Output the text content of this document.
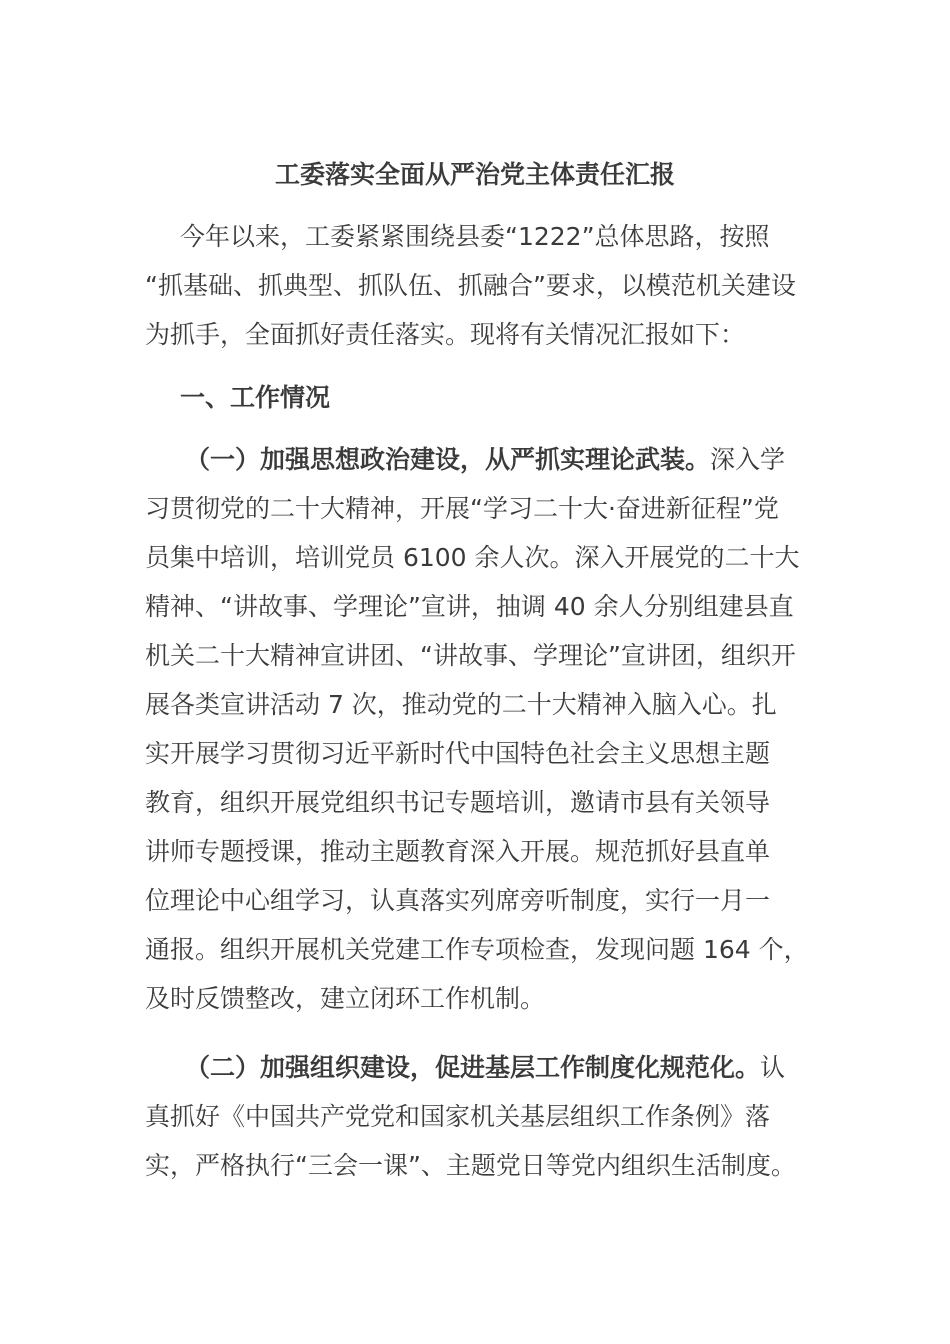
工委落实全面从严治党主体责任汇报
今年以来，工委紧紧围绕县委“1222”总体思路，按照
“抓基础、抓典型、抓队伍、抓融合”要求，以模范机关建设
为抓手，全面抓好责任落实。现将有关情况汇报如下：
一、工作情况
（一）加强思想政治建设，从严抓实理论武装。深入学
习贯彻党的二十大精神，开展“学习二十大·奋进新征程”党
员集中培训，培训党员 6100 余人次。深入开展党的二十大
精神、“讲故事、学理论”宣讲，抽调 40 余人分别组建县直
机关二十大精神宣讲团、“讲故事、学理论”宣讲团，组织开
展各类宣讲活动 7 次，推动党的二十大精神入脑入心。扎
实开展学习贯彻习近平新时代中国特色社会主义思想主题
教育，组织开展党组织书记专题培训，邀请市县有关领导
讲师专题授课，推动主题教育深入开展。规范抓好县直单
位理论中心组学习，认真落实列席旁听制度，实行一月一
通报。组织开展机关党建工作专项检查，发现问题 164 个，
及时反馈整改，建立闭环工作机制。
（二）加强组织建设，促进基层工作制度化规范化。认
真抓好《中国共产党党和国家机关基层组织工作条例》落
实，严格执行“三会一课”、主题党日等党内组织生活制度。
